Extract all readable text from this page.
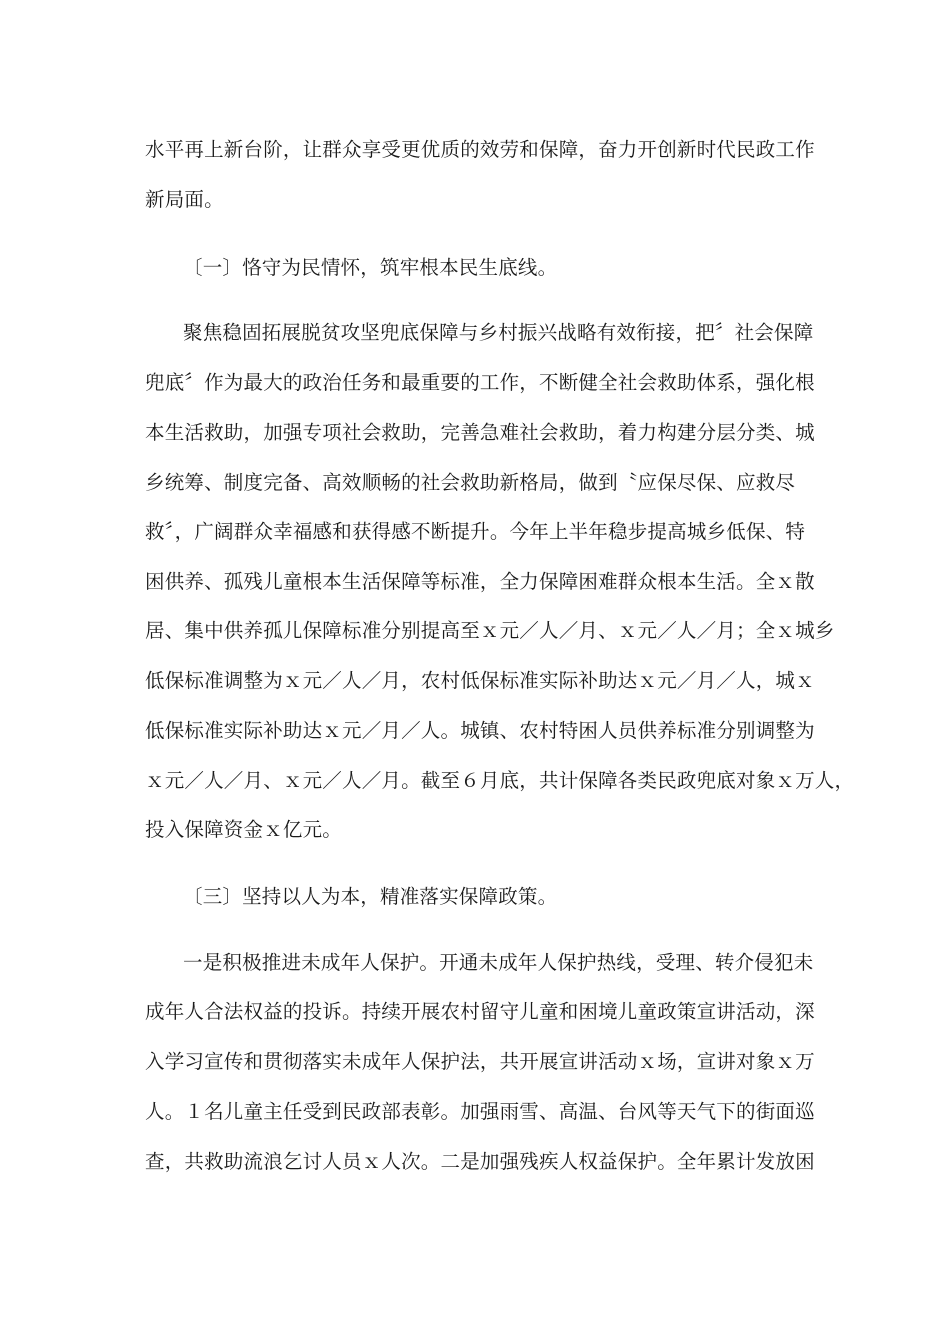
水平再上新台阶，让群众享受更优质的效劳和保障，奋力开创新时代民政工作
新局面。
〔一〕恪守为民情怀，筑牢根本民生底线。
聚焦稳固拓展脱贫攻坚兜底保障与乡村振兴战略有效衔接，把〞社会保障
兜底〞作为最大的政治任务和最重要的工作，不断健全社会救助体系，强化根
本生活救助，加强专项社会救助，完善急难社会救助，着力构建分层分类、城
乡统筹、制度完备、高效顺畅的社会救助新格局，做到〝应保尽保、应救尽
救〞，广阔群众幸福感和获得感不断提升。今年上半年稳步提高城乡低保、特
困供养、孤残儿童根本生活保障等标准，全力保障困难群众根本生活。全ｘ散
居、集中供养孤儿保障标准分别提高至ｘ元／人／月、ｘ元／人／月；全ｘ城乡
低保标准调整为ｘ元／人／月，农村低保标准实际补助达ｘ元／月／人，城ｘ
低保标准实际补助达ｘ元／月／人。城镇、农村特困人员供养标准分别调整为
ｘ元／人／月、ｘ元／人／月。截至６月底，共计保障各类民政兜底对象ｘ万人，
投入保障资金ｘ亿元。
〔三〕坚持以人为本，精准落实保障政策。
一是积极推进未成年人保护。开通未成年人保护热线，受理、转介侵犯未
成年人合法权益的投诉。持续开展农村留守儿童和困境儿童政策宣讲活动，深
入学习宣传和贯彻落实未成年人保护法，共开展宣讲活动ｘ场，宣讲对象ｘ万
人。１名儿童主任受到民政部表彰。加强雨雪、高温、台风等天气下的街面巡
查，共救助流浪乞讨人员ｘ人次。二是加强残疾人权益保护。全年累计发放困
